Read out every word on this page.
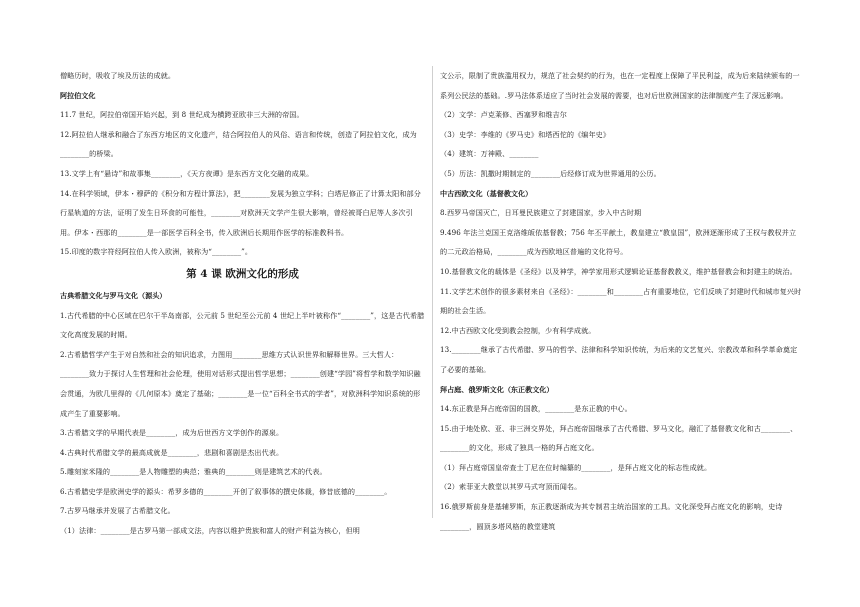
僧略历时，吸收了埃及历法的成就。

阿拉伯文化

11.7 世纪，阿拉伯帝国开始兴起，到 8 世纪成为横跨亚欧非三大洲的帝国。

12.阿拉伯人继承和融合了东西方地区的文化遗产，结合阿拉伯人的风俗、语言和传统，创造了阿拉伯文化，成为________的桥梁。

13.文学上有“悬诗”和故事集________，《天方夜谭》是东西方文化交融的成果。

14.在科学领域，伊本・穆萨的《积分和方程计算法》，把________发展为独立学科；白塔尼修正了计算太阳和部分行星轨道的方法，证明了发生日环食的可能性，________对欧洲天文学产生很大影响，曾经被哥白尼等人多次引用。伊本・西那的________是一部医学百科全书，传入欧洲后长期用作医学的标准教科书。

15.印度的数字符经阿拉伯人传入欧洲，被称为“________”。

第 4 课 欧洲文化的形成

古典希腊文化与罗马文化（源头）

1.古代希腊的中心区域在巴尔干半岛南部，公元前 5 世纪至公元前 4 世纪上半叶被称作“________”，这是古代希腊文化高度发展的时期。

2.古希腊哲学产生于对自然和社会的知识追求，力图用________思维方式认识世界和解释世界。三大哲人：________致力于探讨人生哲理和社会伦理，使用对话形式提出哲学思想；________创建“学园”将哲学和数学知识融会贯通，为欧几里得的《几何原本》奠定了基础；________是一位“百科全书式的学者”，对欧洲科学知识系统的形成产生了重要影响。

3.古希腊文学的早期代表是________，成为后世西方文学创作的源泉。

4.古典时代希腊文学的最高成就是________，悲剧和喜剧是杰出代表。

5.雕刻家米隆的________是人物雕塑的典范；雅典的________则是建筑艺术的代表。

6.古希腊史学是欧洲史学的源头：希罗多德的________开创了叙事体的撰史体裁，修昔底德的________。

7.古罗马继承并发展了古希腊文化。

（1）法律：________是古罗马第一部成文法，内容以维护贵族和富人的财产利益为核心，但明

文公示，限制了贵族滥用权力，规范了社会契约的行为，也在一定程度上保障了平民利益，成为后来陆续颁布的一系列公民法的基础。.罗马法体系适应了当时社会发展的需要，也对后世欧洲国家的法律制度产生了深远影响。

（2）文学：卢克莱修、西塞罗和维吉尔

（3）史学：李维的《罗马史》和塔西佗的《编年史》

（4）建筑：万神殿、________

（5）历法：凯撒时期制定的________后经修订成为世界通用的公历。

中古西欧文化（基督教文化）

8.西罗马帝国灭亡，日耳曼民族建立了封建国家，步入中古时期

9.496 年法兰克国王克洛维皈依基督教；756 年丕平献土，教皇建立“教皇国”，欧洲逐渐形成了王权与教权并立的二元政治格局，________成为西欧地区普遍的文化符号。

10.基督教文化的载体是《圣经》以及神学，神学家用形式逻辑论证基督教教义，维护基督教会和封建主的统治。

11.文学艺术创作的很多素材来自《圣经》：________和________占有重要地位，它们反映了封建时代和城市复兴时期的社会生活。

12.中古西欧文化受到教会控制，少有科学成就。

13.________继承了古代希腊、罗马的哲学、法律和科学知识传统，为后来的文艺复兴、宗教改革和科学革命奠定了必要的基础。

拜占庭、俄罗斯文化（东正教文化）

14.东正教是拜占庭帝国的国教，________是东正教的中心。

15.由于地处欧、亚、非三洲交界处，拜占庭帝国继承了古代希腊、罗马文化，融汇了基督教文化和古________、________的文化，形成了独具一格的拜占庭文化。

（1）拜占庭帝国皇帝查士丁尼在位时编纂的________，是拜占庭文化的标志性成就。

（2）索菲亚大教堂以其罗马式穹顶而闻名。

16.俄罗斯前身是基辅罗斯，东正教逐渐成为其专制君主统治国家的工具。文化深受拜占庭文化的影响，史诗________，圆顶多塔风格的教堂建筑
